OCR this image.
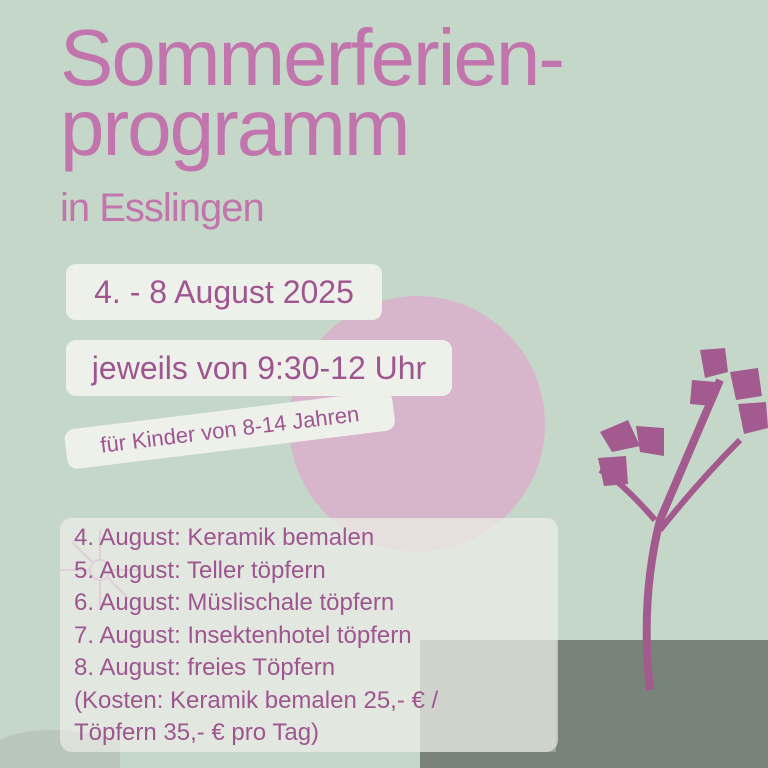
Sommerferien-
programm
in Esslingen
4. - 8 August 2025
jeweils von 9:30-12 Uhr
für Kinder von 8-14 Jahren
4. August: Keramik bemalen
5. August: Teller töpfern
6. August: Müslischale töpfern
7. August: Insektenhotel töpfern
8. August: freies Töpfern
(Kosten: Keramik bemalen 25,- € /
Töpfern 35,- € pro Tag)
